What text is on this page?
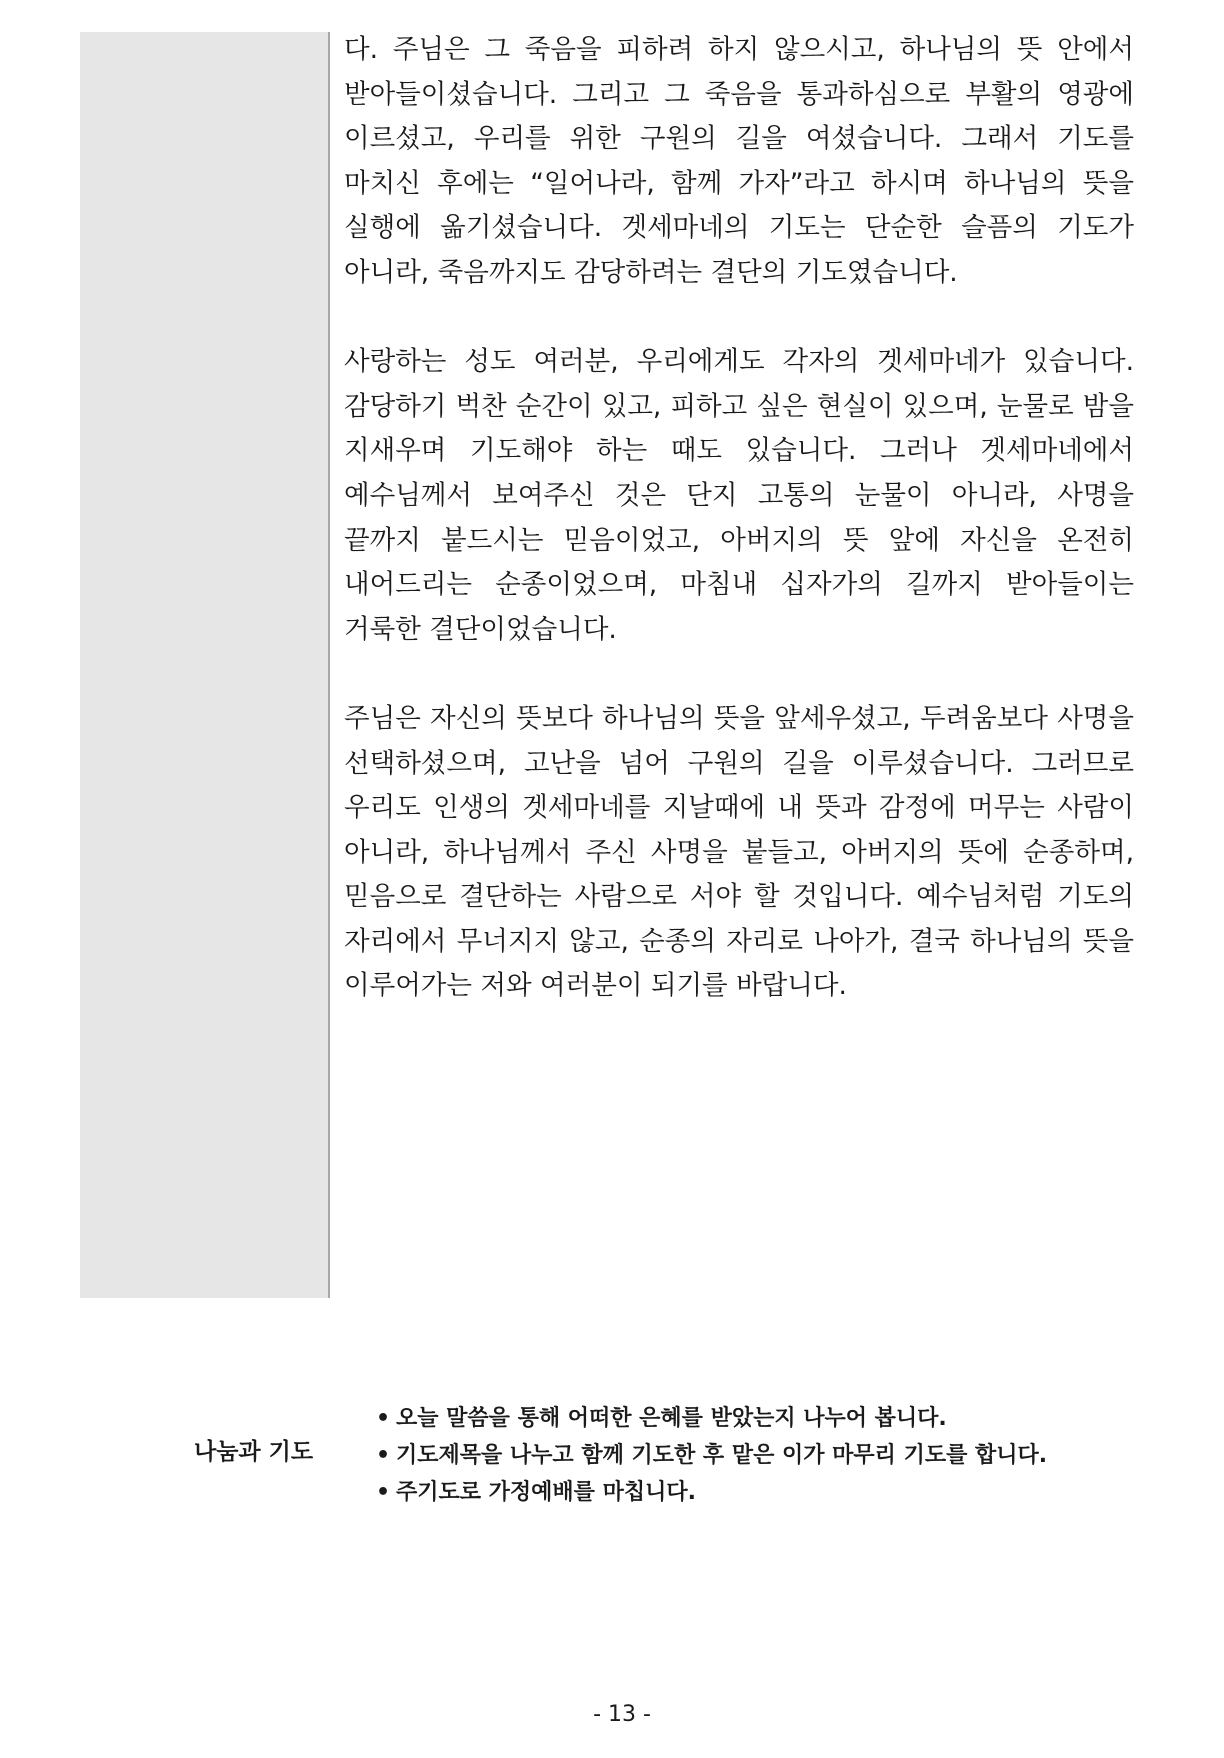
다. 주님은 그 죽음을 피하려 하지 않으시고, 하나님의 뜻 안에서 받아들이셨습니다. 그리고 그 죽음을 통과하심으로 부활의 영광에 이르셨고, 우리를 위한 구원의 길을 여셨습니다. 그래서 기도를 마치신 후에는 “일어나라, 함께 가자”라고 하시며 하나님의 뜻을 실행에 옮기셨습니다. 겟세마네의 기도는 단순한 슬픔의 기도가 아니라, 죽음까지도 감당하려는 결단의 기도였습니다.

사랑하는 성도 여러분, 우리에게도 각자의 겟세마네가 있습니다. 감당하기 벅찬 순간이 있고, 피하고 싶은 현실이 있으며, 눈물로 밤을 지새우며 기도해야 하는 때도 있습니다. 그러나 겟세마네에서 예수님께서 보여주신 것은 단지 고통의 눈물이 아니라, 사명을 끝까지 붙드시는 믿음이었고, 아버지의 뜻 앞에 자신을 온전히 내어드리는 순종이었으며, 마침내 십자가의 길까지 받아들이는 거룩한 결단이었습니다.

주님은 자신의 뜻보다 하나님의 뜻을 앞세우셨고, 두려움보다 사명을 선택하셨으며, 고난을 넘어 구원의 길을 이루셨습니다. 그러므로 우리도 인생의 겟세마네를 지날때에 내 뜻과 감정에 머무는 사람이 아니라, 하나님께서 주신 사명을 붙들고, 아버지의 뜻에 순종하며, 믿음으로 결단하는 사람으로 서야 할 것입니다. 예수님처럼 기도의 자리에서 무너지지 않고, 순종의 자리로 나아가, 결국 하나님의 뜻을 이루어가는 저와 여러분이 되기를 바랍니다.

나눔과 기도
• 오늘 말씀을 통해 어떠한 은혜를 받았는지 나누어 봅니다.
• 기도제목을 나누고 함께 기도한 후 맡은 이가 마무리 기도를 합니다.
• 주기도로 가정예배를 마칩니다.
- 13 -
